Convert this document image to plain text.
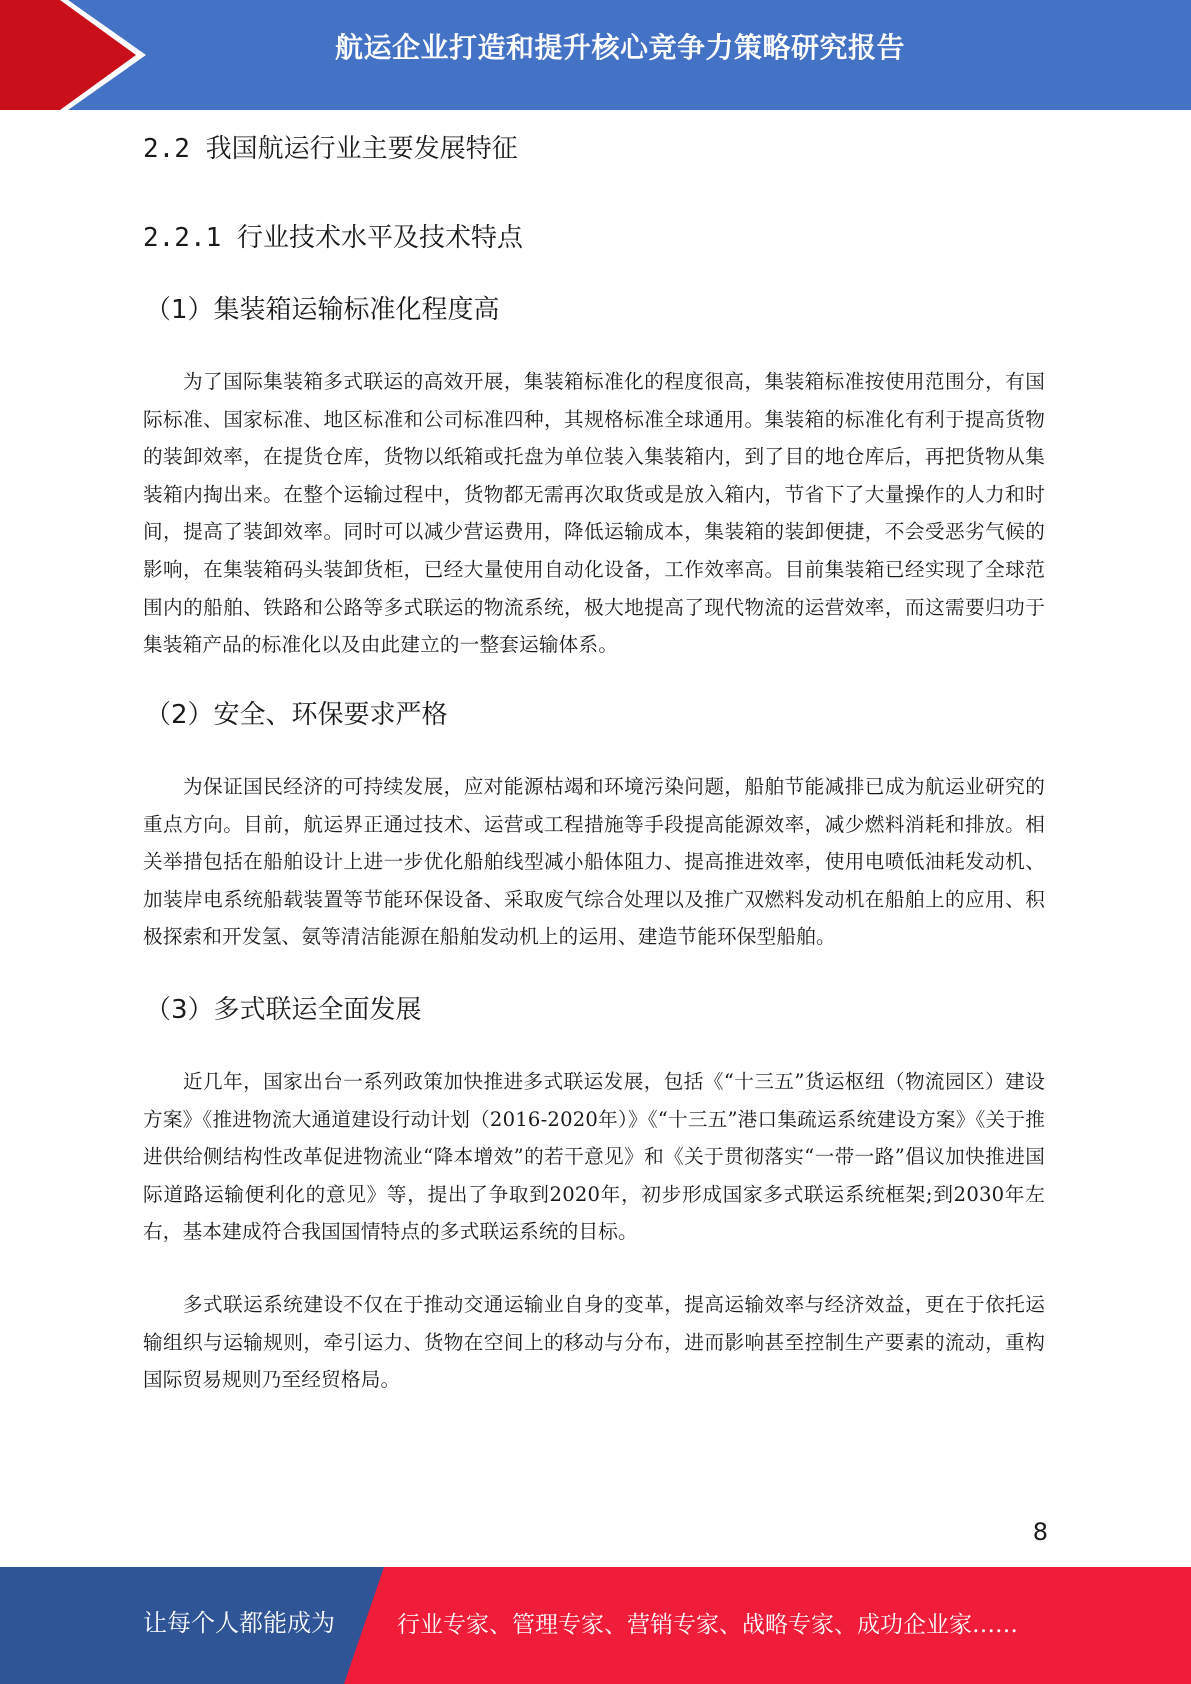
航运企业打造和提升核心竞争力策略研究报告
2.2 我国航运行业主要发展特征
2.2.1 行业技术水平及技术特点
（1）集装箱运输标准化程度高
为了国际集装箱多式联运的高效开展，集装箱标准化的程度很高，集装箱标准按使用范围分，有国际标准、国家标准、地区标准和公司标准四种，其规格标准全球通用。集装箱的标准化有利于提高货物的装卸效率，在提货仓库，货物以纸箱或托盘为单位装入集装箱内，到了目的地仓库后，再把货物从集装箱内掏出来。在整个运输过程中，货物都无需再次取货或是放入箱内，节省下了大量操作的人力和时间，提高了装卸效率。同时可以减少营运费用，降低运输成本，集装箱的装卸便捷，不会受恶劣气候的影响，在集装箱码头装卸货柜，已经大量使用自动化设备，工作效率高。目前集装箱已经实现了全球范围内的船舶、铁路和公路等多式联运的物流系统，极大地提高了现代物流的运营效率，而这需要归功于集装箱产品的标准化以及由此建立的一整套运输体系。
（2）安全、环保要求严格
为保证国民经济的可持续发展，应对能源枯竭和环境污染问题，船舶节能减排已成为航运业研究的重点方向。目前，航运界正通过技术、运营或工程措施等手段提高能源效率，减少燃料消耗和排放。相关举措包括在船舶设计上进一步优化船舶线型减小船体阻力、提高推进效率，使用电喷低油耗发动机、加装岸电系统船载装置等节能环保设备、采取废气综合处理以及推广双燃料发动机在船舶上的应用、积极探索和开发氢、氨等清洁能源在船舶发动机上的运用、建造节能环保型船舶。
（3）多式联运全面发展
近几年，国家出台一系列政策加快推进多式联运发展，包括《“十三五”货运枢纽（物流园区）建设方案》《推进物流大通道建设行动计划（2016-2020年）》《“十三五”港口集疏运系统建设方案》《关于推进供给侧结构性改革促进物流业“降本增效”的若干意见》和《关于贯彻落实“一带一路”倡议加快推进国际道路运输便利化的意见》等，提出了争取到2020年，初步形成国家多式联运系统框架;到2030年左右，基本建成符合我国国情特点的多式联运系统的目标。
多式联运系统建设不仅在于推动交通运输业自身的变革，提高运输效率与经济效益，更在于依托运输组织与运输规则，牵引运力、货物在空间上的移动与分布，进而影响甚至控制生产要素的流动，重构国际贸易规则乃至经贸格局。
8
让每个人都能成为	行业专家、管理专家、营销专家、战略专家、成功企业家……
